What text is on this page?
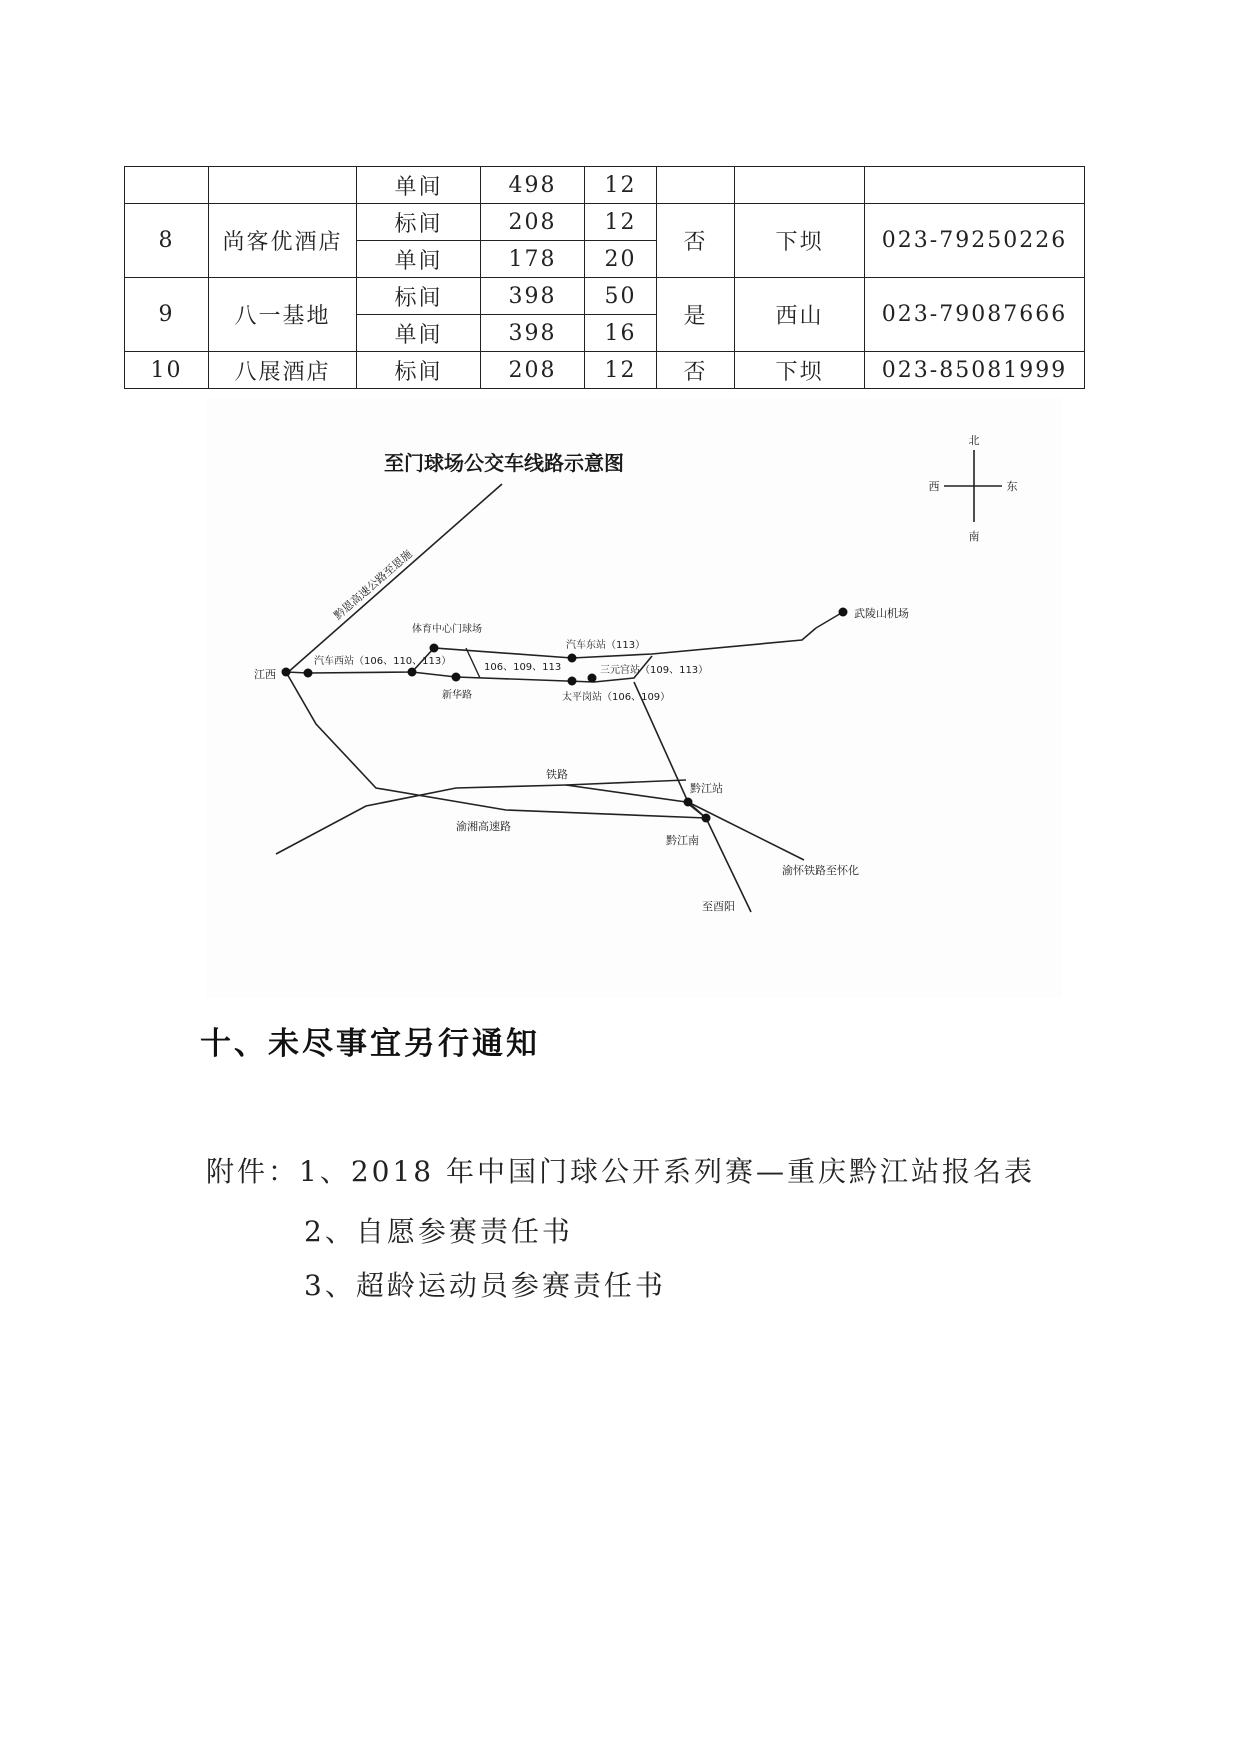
		单间	498	12			
8	尚客优酒店	标间	208	12	否	下坝	023-79250226
		单间	178	20			
9	八一基地	标间	398	50	是	西山	023-79087666
		单间	398	16			
10	八展酒店	标间	208	12	否	下坝	023-85081999
至门球场公交车线路示意图
北
南
东
西
黔恩高速公路至恩施
江西
汽车西站（106、110、113）
体育中心门球场
新华路
106、109、113
汽车东站（113）
三元宫站（109、113）
太平岗站（106、109）
武陵山机场
铁路
黔江站
渝湘高速路
黔江南
渝怀铁路至怀化
至酉阳
十、未尽事宜另行通知
附件：1、2018 年中国门球公开系列赛—重庆黔江站报名表
2、自愿参赛责任书
3、超龄运动员参赛责任书
